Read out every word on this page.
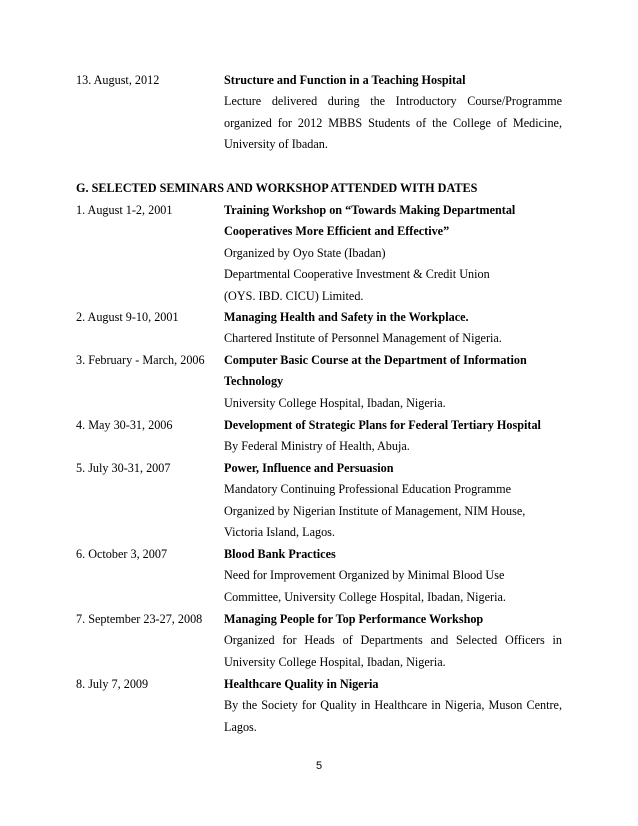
13. August, 2012	Structure and Function in a Teaching Hospital
Lecture delivered during the Introductory Course/Programme
organized for 2012 MBBS Students of the College of Medicine,
University of Ibadan.
G. SELECTED SEMINARS AND WORKSHOP ATTENDED WITH DATES
1. August 1-2, 2001	Training Workshop on “Towards Making Departmental
Cooperatives More Efficient and Effective”
Organized by Oyo State (Ibadan)
Departmental Cooperative Investment & Credit Union
(OYS. IBD. CICU) Limited.
2. August 9-10, 2001	Managing Health and Safety in the Workplace.
Chartered Institute of Personnel Management of Nigeria.
3. February - March, 2006 Computer Basic Course at the Department of Information
Technology
University College Hospital, Ibadan, Nigeria.
4. May 30-31, 2006	Development of Strategic Plans for Federal Tertiary Hospital
By Federal Ministry of Health, Abuja.
5. July 30-31, 2007	Power, Influence and Persuasion
Mandatory Continuing Professional Education Programme
Organized by Nigerian Institute of Management, NIM House,
Victoria Island, Lagos.
6. October 3, 2007	Blood Bank Practices
Need for Improvement Organized by Minimal Blood Use
Committee, University College Hospital, Ibadan, Nigeria.
7. September 23-27, 2008 Managing People for Top Performance Workshop
Organized for Heads of Departments and Selected Officers in
University College Hospital, Ibadan, Nigeria.
8. July 7, 2009	Healthcare Quality in Nigeria
By the Society for Quality in Healthcare in Nigeria, Muson Centre,
Lagos.
5
